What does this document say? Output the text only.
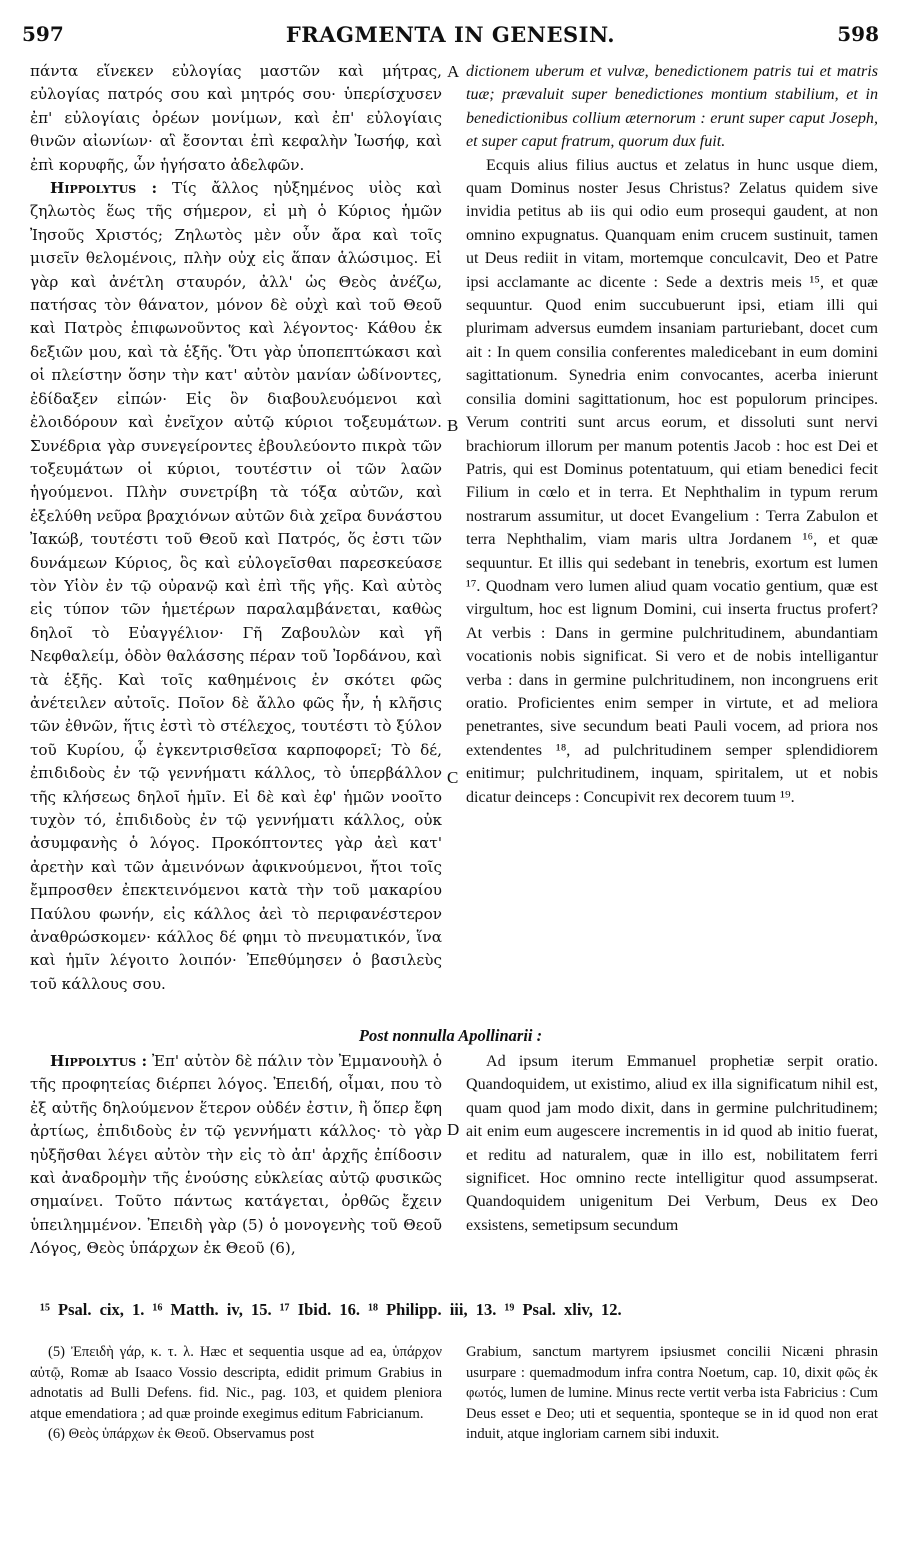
597	FRAGMENTA IN GENESIN.	598

πάντα εἵνεκεν εὐλογίας μαστῶν καὶ μήτρας, εὐλογίας πατρός σου καὶ μητρός σου· ὑπερίσχυσεν ἐπ' εὐλογίαις ὀρέων μονίμων, καὶ ἐπ' εὐλογίαις θινῶν αἰωνίων· αἳ ἔσονται ἐπὶ κεφαλὴν Ἰωσήφ, καὶ ἐπὶ κορυφῆς, ὧν ἡγήσατο ἀδελφῶν.

Hippolytus : Τίς ἄλλος ηὐξημένος υἱὸς καὶ ζηλωτὸς ἕως τῆς σήμερον, εἰ μὴ ὁ Κύριος ἡμῶν Ἰησοῦς Χριστός; Ζηλωτὸς μὲν οὖν ἄρα καὶ τοῖς μισεῖν θελομένοις, πλὴν οὐχ εἰς ἅπαν ἁλώσιμος. Εἰ γὰρ καὶ ἀνέτλη σταυρόν, ἀλλ' ὡς Θεὸς ἀνέζω, πατήσας τὸν θάνατον, μόνον δὲ οὐχὶ καὶ τοῦ Θεοῦ καὶ Πατρὸς ἐπιφωνοῦντος καὶ λέγοντος· Κάθου ἐκ δεξιῶν μου, καὶ τὰ ἑξῆς. Ὅτι γὰρ ὑποπεπτώκασι καὶ οἱ πλείστην ὅσην τὴν κατ' αὐτὸν μανίαν ὠδίνοντες, ἐδίδαξεν εἰπών· Εἰς ὃν διαβουλευόμενοι καὶ ἐλοιδόρουν καὶ ἐνεῖχον αὐτῷ κύριοι τοξευμάτων. Συνέδρια γὰρ συνεγείροντες ἐβουλεύοντο πικρὰ τῶν τοξευμάτων οἱ κύριοι, τουτέστιν οἱ τῶν λαῶν ἡγούμενοι. Πλὴν συνετρίβη τὰ τόξα αὐτῶν, καὶ ἐξελύθη νεῦρα βραχιόνων αὐτῶν διὰ χεῖρα δυνάστου Ἰακώβ, τουτέστι τοῦ Θεοῦ καὶ Πατρός, ὅς ἐστι τῶν δυνάμεων Κύριος, ὃς καὶ εὐλογεῖσθαι παρεσκεύασε τὸν Υἱὸν ἐν τῷ οὐρανῷ καὶ ἐπὶ τῆς γῆς. Καὶ αὐτὸς εἰς τύπον τῶν ἡμετέρων παραλαμβάνεται, καθὼς δηλοῖ τὸ Εὐαγγέλιον· Γῆ Ζαβουλὼν καὶ γῆ Νεφθαλείμ, ὁδὸν θαλάσσης πέραν τοῦ Ἰορδάνου, καὶ τὰ ἑξῆς. Καὶ τοῖς καθημένοις ἐν σκότει φῶς ἀνέτειλεν αὐτοῖς. Ποῖον δὲ ἄλλο φῶς ἦν, ἡ κλῆσις τῶν ἐθνῶν, ἥτις ἐστὶ τὸ στέλεχος, τουτέστι τὸ ξύλον τοῦ Κυρίου, ᾧ ἐγκεντρισθεῖσα καρποφορεῖ; Τὸ δέ, ἐπιδιδοὺς ἐν τῷ γεννήματι κάλλος, τὸ ὑπερβάλλον τῆς κλήσεως δηλοῖ ἡμῖν. Εἰ δὲ καὶ ἐφ' ἡμῶν νοοῖτο τυχὸν τό, ἐπιδιδοὺς ἐν τῷ γεννήματι κάλλος, οὐκ ἀσυμφανὴς ὁ λόγος. Προκόπτοντες γὰρ ἀεὶ κατ' ἀρετὴν καὶ τῶν ἀμεινόνων ἀφικνούμενοι, ἤτοι τοῖς ἔμπροσθεν ἐπεκτεινόμενοι κατὰ τὴν τοῦ μακαρίου Παύλου φωνήν, εἰς κάλλος ἀεὶ τὸ περιφανέστερον ἀναθρώσκομεν· κάλλος δέ φημι τὸ πνευματικόν, ἵνα καὶ ἡμῖν λέγοιτο λοιπόν· Ἐπεθύμησεν ὁ βασιλεὺς τοῦ κάλλους σου.

A
B
C
D

dictionem uberum et vulvæ, benedictionem patris tui et matris tuæ; prævaluit super benedictiones montium stabilium, et in benedictionibus collium æternorum : erunt super caput Joseph, et super caput fratrum, quorum dux fuit.

Ecquis alius filius auctus et zelatus in hunc usque diem, quam Dominus noster Jesus Christus? Zelatus quidem sive invidia petitus ab iis qui odio eum prosequi gaudent, at non omnino expugnatus. Quanquam enim crucem sustinuit, tamen ut Deus rediit in vitam, mortemque conculcavit, Deo et Patre ipsi acclamante ac dicente : Sede a dextris meis ¹⁵, et quæ sequuntur. Quod enim succubuerunt ipsi, etiam illi qui plurimam adversus eumdem insaniam parturiebant, docet cum ait : In quem consilia conferentes maledicebant in eum domini sagittationum. Synedria enim convocantes, acerba inierunt consilia domini sagittationum, hoc est populorum principes. Verum contriti sunt arcus eorum, et dissoluti sunt nervi brachiorum illorum per manum potentis Jacob : hoc est Dei et Patris, qui est Dominus potentatuum, qui etiam benedici fecit Filium in cœlo et in terra. Et Nephthalim in typum rerum nostrarum assumitur, ut docet Evangelium : Terra Zabulon et terra Nephthalim, viam maris ultra Jordanem ¹⁶, et quæ sequuntur. Et illis qui sedebant in tenebris, exortum est lumen ¹⁷. Quodnam vero lumen aliud quam vocatio gentium, quæ est virgultum, hoc est lignum Domini, cui inserta fructus profert? At verbis : Dans in germine pulchritudinem, abundantiam vocationis nobis significat. Si vero et de nobis intelligantur verba : dans in germine pulchritudinem, non incongruens erit oratio. Proficientes enim semper in virtute, et ad meliora penetrantes, sive secundum beati Pauli vocem, ad priora nos extendentes ¹⁸, ad pulchritudinem semper splendidiorem enitimur; pulchritudinem, inquam, spiritalem, ut et nobis dicatur deinceps : Concupivit rex decorem tuum ¹⁹.

Post nonnulla Apollinarii :

Hippolytus : Ἐπ' αὐτὸν δὲ πάλιν τὸν Ἐμμανουὴλ ὁ τῆς προφητείας διέρπει λόγος. Ἐπειδή, οἶμαι, που τὸ ἐξ αὐτῆς δηλούμενον ἕτερον οὐδέν ἐστιν, ἢ ὅπερ ἔφη ἀρτίως, ἐπιδιδοὺς ἐν τῷ γεννήματι κάλλος· τὸ γὰρ ηὐξῆσθαι λέγει αὐτὸν τὴν εἰς τὸ ἀπ' ἀρχῆς ἐπίδοσιν καὶ ἀναδρομὴν τῆς ἑνούσης εὐκλείας αὐτῷ φυσικῶς σημαίνει. Τοῦτο πάντως κατάγεται, ὀρθῶς ἔχειν ὑπειλημμένον. Ἐπειδὴ γὰρ (5) ὁ μονογενὴς τοῦ Θεοῦ Λόγος, Θεὸς ὑπάρχων ἐκ Θεοῦ (6),

Ad ipsum iterum Emmanuel prophetiæ serpit oratio. Quandoquidem, ut existimo, aliud ex illa significatum nihil est, quam quod jam modo dixit, dans in germine pulchritudinem; ait enim eum augescere incrementis in id quod ab initio fuerat, et reditu ad naturalem, quæ in illo est, nobilitatem ferri significet. Hoc omnino recte intelligitur quod assumpserat. Quandoquidem unigenitum Dei Verbum, Deus ex Deo exsistens, semetipsum secundum

¹⁵ Psal. cix, 1. ¹⁶ Matth. iv, 15. ¹⁷ Ibid. 16. ¹⁸ Philipp. iii, 13. ¹⁹ Psal. xliv, 12.

(5) Ἐπειδὴ γάρ, κ. τ. λ. Hæc et sequentia usque ad ea, ὑπάρχον αὐτῷ, Romæ ab Isaaco Vossio descripta, edidit primum Grabius in adnotatis ad Bulli Defens. fid. Nic., pag. 103, et quidem pleniora atque emendatiora ; ad quæ proinde exegimus editum Fabricianum.

(6) Θεὸς ὑπάρχων ἐκ Θεοῦ. Observamus post

Grabium, sanctum martyrem ipsiusmet concilii Nicæni phrasin usurpare : quemadmodum infra contra Noetum, cap. 10, dixit φῶς ἐκ φωτός, lumen de lumine. Minus recte vertit verba ista Fabricius : Cum Deus esset e Deo; uti et sequentia, sponteque se in id quod non erat induit, atque ingloriam carnem sibi induxit.
